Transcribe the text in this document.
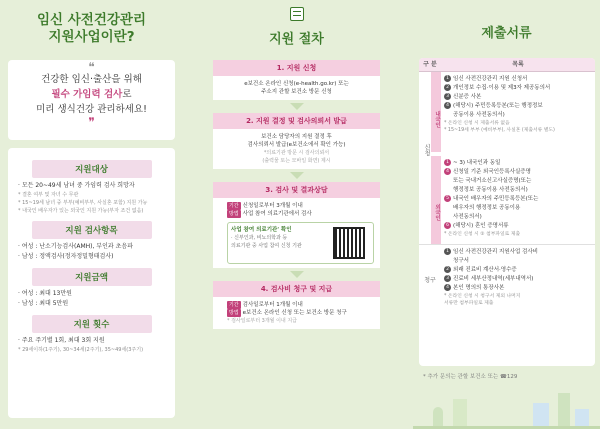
임신 사전건강관리
지원사업이란?
❝
건강한 임신·출산을 위해
필수 가임력 검사로
미리 생식건강 관리하세요!
❞
지원대상
· 모든 20~49세 남녀 중 가임력 검사 희망자
* 결혼 여부 및 자녀 수 무관
* 15~19세 남녀 중 부부(예비부부, 사실혼 포함) 지원 가능
* 내국인 배우자가 있는 외국인 지원 가능(부자 조건 없음)
지원 검사항목
· 여성 : 난소기능검사(AMH), 부인과 초음파
· 남성 : 정액검사(정자정밀형태검사)
지원금액
· 여성 : 최대 13만원
· 남성 : 최대 5만원
지원 횟수
· 주요 주기별 1회, 최대 3회 지원
* 29세이하(1주기), 30~34세(2주기), 35~49세(3주기)
지원 절차
1. 지원 신청
e보건소 온라인 신청(e-health.go.kr) 또는
주소지 관할 보건소 방문 신청
2. 지원 결정 및 검사의뢰서 발급
보건소 담당자의 지원 결정 후
검사의뢰서 발급(e보건소에서 확인 가능)
*의료기관 방문 시 검사의뢰서
(출력물 또는 모바일 화면) 제시
3. 검사 및 결과상담
기간 신청일로부터 3개월 이내
방법 사업 참여 의료기관에서 검사
사업 참여 의료기관' 확인
· 신부인과, 비뇨의학과 등
의료기관 중 사업 참여 신청 기관
4. 검사비 청구 및 지급
기간 검사일로부터 1개월 이내
방법 e보건소 온라인 신청 또는 보건소 방문 청구
* 검사일로부터 3개월 이내 지급
제출서류
구 분	목록
신청
내국인
1 임신 사전건강관리 지원 신청서
2 개인정보 수집·이용 및 제3자 제공동의서
3 신분증 사본
4 (해당시) 주민등록등본(또는 행정정보
공동이용 사전동의서)
* 온라인 신청 시 제출서류 없음
* 15~19세 부부 (예비부부), 사실혼 (제출서류 별도)
외국인
1 ~ 3) 내국인과 동일
4 신청일 기준 외국인등록사실증명
또는 국내거소신고사실증명(또는
행정정보 공동이용 사전동의서)
5 내국인 배우자의 주민등록등본(또는
배우자의 행정정보 공동이용
사전동의서)
6 (해당시) 혼인 증명서류
* 온라인 신청 시 ⑤ 첨부파일로 제출
청구
1 임신 사전건강관리 지원사업 검사비
청구서
2 외래 진료비 계산서·영수증
3 진료비 세부산정내역(세부내역서)
4 본인 명의의 통장사본
* 온라인 신청 시 청구서 제외 나머지
서류만 첨부파일로 제출
* 추가 문의는 관할 보건소 또는 ☎129
